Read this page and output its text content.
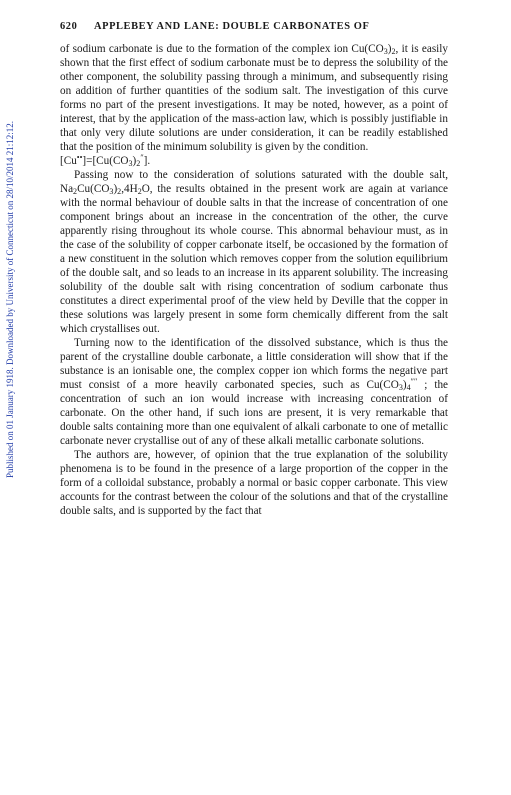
Published on 01 January 1918. Downloaded by University of Connecticut on 28/10/2014 21:12:12.
620 APPLEBEY AND LANE: DOUBLE CARBONATES OF

of sodium carbonate is due to the formation of the complex ion $Cu(CO_3)_2$, it is easily shown that the first effect of sodium carbonate must be to depress the solubility of the other component, the solubility passing through a minimum, and subsequently rising on addition of further quantities of the sodium salt. The investigation of this curve forms no part of the present investigations. It may be noted, however, as a point of interest, that by the application of the mass-action law, which is possibly justifiable in that only very dilute solutions are under consideration, it can be readily established that the position of the minimum solubility is given by the condition.

$[Cu^{••}]=[Cu(CO_3)_2'']$.

Passing now to the consideration of solutions saturated with the double salt, $Na_2Cu(CO_3)_2,4H_2O$, the results obtained in the present work are again at variance with the normal behaviour of double salts in that the increase of concentration of one component brings about an increase in the concentration of the other, the curve apparently rising throughout its whole course. This abnormal behaviour must, as in the case of the solubility of copper carbonate itself, be occasioned by the formation of a new constituent in the solution which removes copper from the solution equilibrium of the double salt, and so leads to an increase in its apparent solubility. The increasing solubility of the double salt with rising concentration of sodium carbonate thus constitutes a direct experimental proof of the view held by Deville that the copper in these solutions was largely present in some form chemically different from the salt which crystallises out.

Turning now to the identification of the dissolved substance, which is thus the parent of the crystalline double carbonate, a little consideration will show that if the substance is an ionisable one, the complex copper ion which forms the negative part must consist of a more heavily carbonated species, such as $Cu(CO_3)_4''''$ ; the concentration of such an ion would increase with increasing concentration of carbonate. On the other hand, if such ions are present, it is very remarkable that double salts containing more than one equivalent of alkali carbonate to one of metallic carbonate never crystallise out of any of these alkali metallic carbonate solutions.

The authors are, however, of opinion that the true explanation of the solubility phenomena is to be found in the presence of a large proportion of the copper in the form of a colloidal substance, probably a normal or basic copper carbonate. This view accounts for the contrast between the colour of the solutions and that of the crystalline double salts, and is supported by the fact that
